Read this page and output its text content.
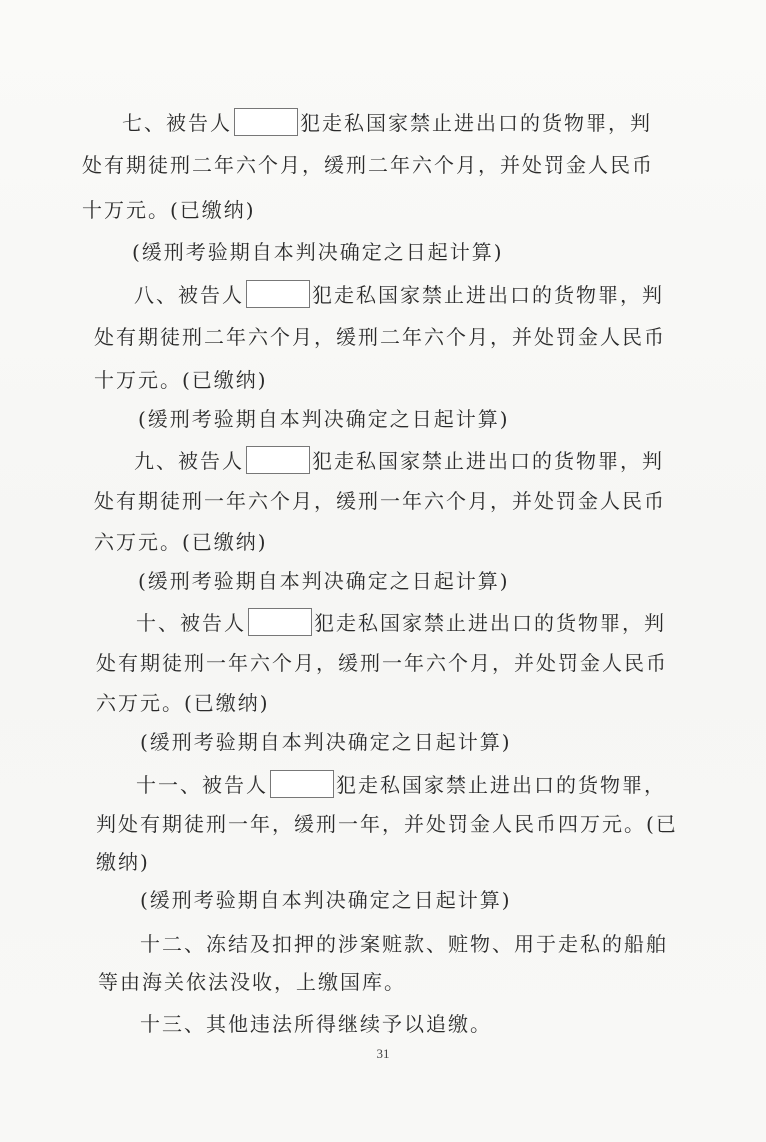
七、被告人	犯走私国家禁止进出口的货物罪，判
处有期徒刑二年六个月，缓刑二年六个月，并处罚金人民币
十万元。(已缴纳)
(缓刑考验期自本判决确定之日起计算)
八、被告人	犯走私国家禁止进出口的货物罪，判
处有期徒刑二年六个月，缓刑二年六个月，并处罚金人民币
十万元。(已缴纳)
(缓刑考验期自本判决确定之日起计算)
九、被告人	犯走私国家禁止进出口的货物罪，判
处有期徒刑一年六个月，缓刑一年六个月，并处罚金人民币
六万元。(已缴纳)
(缓刑考验期自本判决确定之日起计算)
十、被告人	犯走私国家禁止进出口的货物罪，判
处有期徒刑一年六个月，缓刑一年六个月，并处罚金人民币
六万元。(已缴纳)
(缓刑考验期自本判决确定之日起计算)
十一、被告人	犯走私国家禁止进出口的货物罪，
判处有期徒刑一年，缓刑一年，并处罚金人民币四万元。(已
缴纳)
(缓刑考验期自本判决确定之日起计算)
十二、冻结及扣押的涉案赃款、赃物、用于走私的船舶
等由海关依法没收，上缴国库。
十三、其他违法所得继续予以追缴。
31
